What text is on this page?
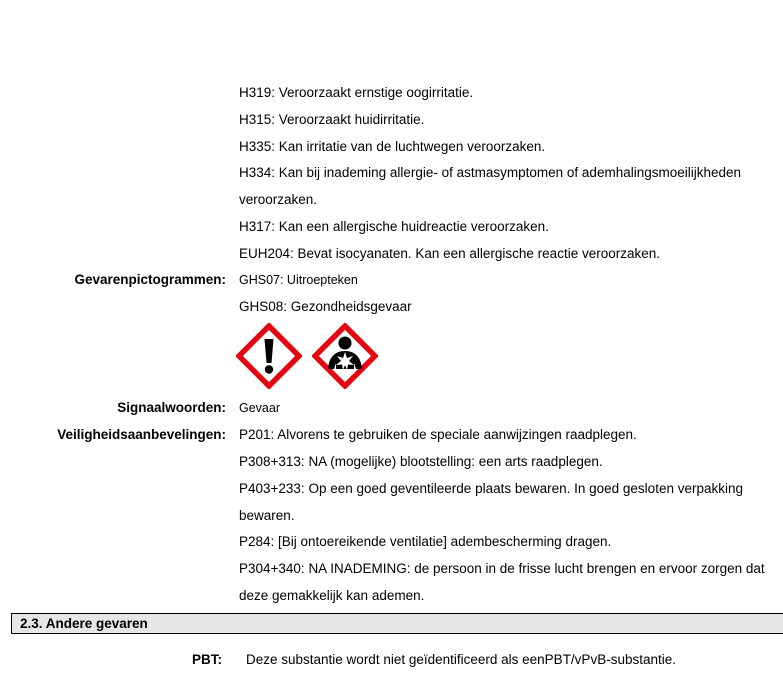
H319: Veroorzaakt ernstige oogirritatie.
H315: Veroorzaakt huidirritatie.
H335: Kan irritatie van de luchtwegen veroorzaken.
H334: Kan bij inademing allergie- of astmasymptomen of ademhalingsmoeilijkheden
veroorzaken.
H317: Kan een allergische huidreactie veroorzaken.
EUH204: Bevat isocyanaten. Kan een allergische reactie veroorzaken.
Gevarenpictogrammen: GHS07: Uitroepteken
GHS08: Gezondheidsgevaar
Signaalwoorden: Gevaar
Veiligheidsaanbevelingen: P201: Alvorens te gebruiken de speciale aanwijzingen raadplegen.
P308+313: NA (mogelijke) blootstelling: een arts raadplegen.
P403+233: Op een goed geventileerde plaats bewaren. In goed gesloten verpakking
bewaren.
P284: [Bij ontoereikende ventilatie] adembescherming dragen.
P304+340: NA INADEMING: de persoon in de frisse lucht brengen en ervoor zorgen dat
deze gemakkelijk kan ademen.
2.3. Andere gevaren
PBT: Deze substantie wordt niet geïdentificeerd als eenPBT/vPvB-substantie.
